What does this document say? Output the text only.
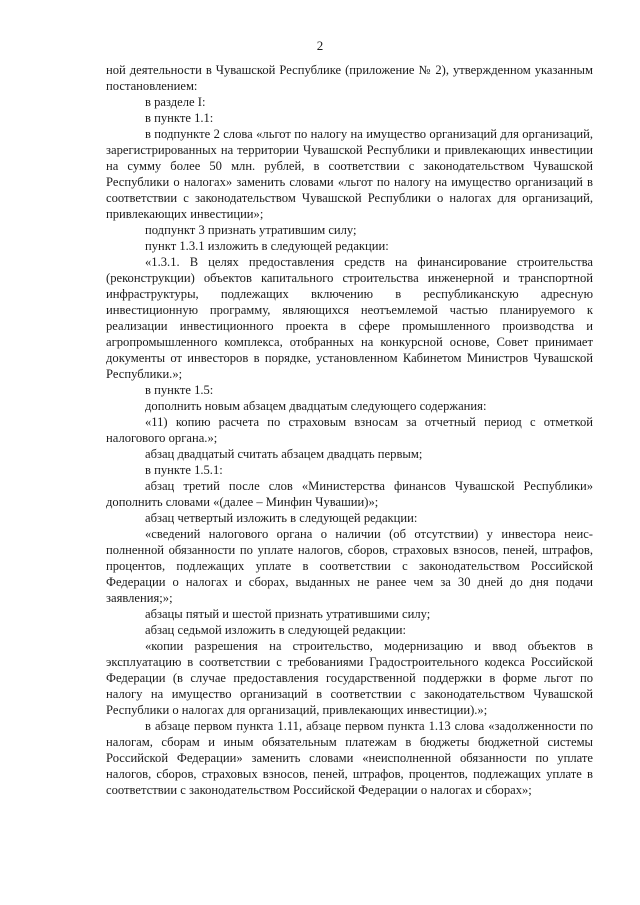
2

ной деятельности в Чувашской Республике (приложение № 2), утвержденном указанным постановлением:

в разделе I:

в пункте 1.1:

в подпункте 2 слова «льгот по налогу на имущество организаций для организаций, зарегистрированных на территории Чувашской Республики и привлекающих инвестиции на сумму более 50 млн. рублей, в соответствии с законодательством Чувашской Республики о налогах» заменить словами «льгот по налогу на имущество организаций в соответствии с законодательством Чувашской Республики о налогах для организаций, привлекающих инвестиции»;

подпункт 3 признать утратившим силу;

пункт 1.3.1 изложить в следующей редакции:

«1.3.1. В целях предоставления средств на финансирование строительства (реконструкции) объектов капитального строительства инженерной и транспортной инфраструктуры, подлежащих включению в республиканскую адресную инвестиционную программу, являющихся неотъемлемой частью планируемого к реализации инвестиционного проекта в сфере промышленного производства и агропромышленного комплекса, отобранных на конкурсной основе, Совет принимает документы от инвесторов в порядке, установленном Кабинетом Министров Чувашской Республики.»;

в пункте 1.5:

дополнить новым абзацем двадцатым следующего содержания:

«11) копию расчета по страховым взносам за отчетный период с отметкой налогового органа.»;

абзац двадцатый считать абзацем двадцать первым;

в пункте 1.5.1:

абзац третий после слов «Министерства финансов Чувашской Республики» дополнить словами «(далее – Минфин Чувашии)»;

абзац четвертый изложить в следующей редакции:

«сведений налогового органа о наличии (об отсутствии) у инвестора неисполненной обязанности по уплате налогов, сборов, страховых взносов, пеней, штрафов, процентов, подлежащих уплате в соответствии с законодательством Российской Федерации о налогах и сборах, выданных не ранее чем за 30 дней до дня подачи заявления;»;

абзацы пятый и шестой признать утратившими силу;

абзац седьмой изложить в следующей редакции:

«копии разрешения на строительство, модернизацию и ввод объектов в эксплуатацию в соответствии с требованиями Градостроительного кодекса Российской Федерации (в случае предоставления государственной поддержки в форме льгот по налогу на имущество организаций в соответствии с законодательством Чувашской Республики о налогах для организаций, привлекающих инвестиции).»;

в абзаце первом пункта 1.11, абзаце первом пункта 1.13 слова «задолженности по налогам, сборам и иным обязательным платежам в бюджеты бюджетной системы Российской Федерации» заменить словами «неисполненной обязанности по уплате налогов, сборов, страховых взносов, пеней, штрафов, процентов, подлежащих уплате в соответствии с законодательством Российской Федерации о налогах и сборах»;
